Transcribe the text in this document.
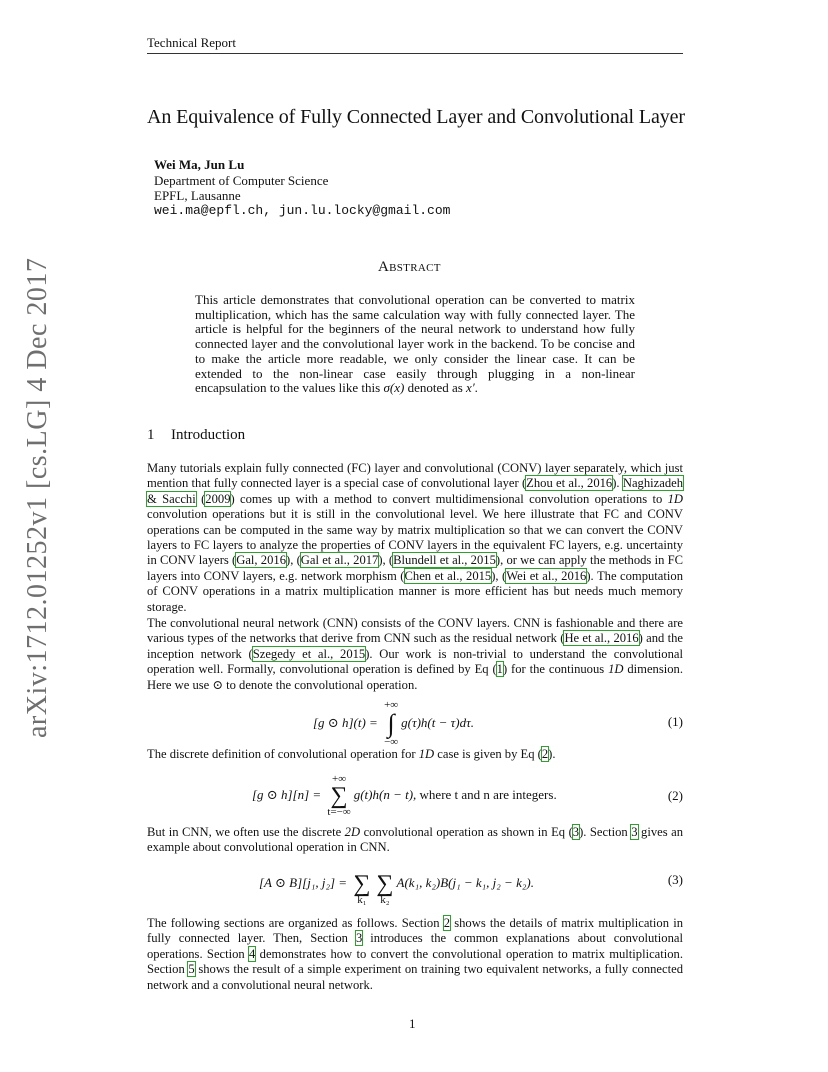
arXiv:1712.01252v1 [cs.LG] 4 Dec 2017
Technical Report
An Equivalence of Fully Connected Layer and Convolutional Layer
Wei Ma, Jun Lu
Department of Computer Science
EPFL, Lausanne
wei.ma@epfl.ch, jun.lu.locky@gmail.com
Abstract
This article demonstrates that convolutional operation can be converted to matrix multiplication, which has the same calculation way with fully connected layer. The article is helpful for the beginners of the neural network to understand how fully connected layer and the convolutional layer work in the backend. To be concise and to make the article more readable, we only consider the linear case. It can be extended to the non-linear case easily through plugging in a non-linear encapsulation to the values like this σ(x) denoted as x′.
1 Introduction
Many tutorials explain fully connected (FC) layer and convolutional (CONV) layer separately, which just mention that fully connected layer is a special case of convolutional layer (Zhou et al., 2016). Naghizadeh & Sacchi (2009) comes up with a method to convert multidimensional convolution operations to 1D convolution operations but it is still in the convolutional level. We here illustrate that FC and CONV operations can be computed in the same way by matrix multiplication so that we can convert the CONV layers to FC layers to analyze the properties of CONV layers in the equivalent FC layers, e.g. uncertainty in CONV layers (Gal, 2016), (Gal et al., 2017), (Blundell et al., 2015), or we can apply the methods in FC layers into CONV layers, e.g. network morphism (Chen et al., 2015), (Wei et al., 2016). The computation of CONV operations in a matrix multiplication manner is more efficient has but needs much memory storage.
The convolutional neural network (CNN) consists of the CONV layers. CNN is fashionable and there are various types of the networks that derive from CNN such as the residual network (He et al., 2016) and the inception network (Szegedy et al., 2015). Our work is non-trivial to understand the convolutional operation well. Formally, convolutional operation is defined by Eq (1) for the continuous 1D dimension. Here we use ⊙ to denote the convolutional operation.
[g ⊙ h](t) =
+∞
∫
−∞
g(τ)h(t − τ)dτ.	(1)
The discrete definition of convolutional operation for 1D case is given by Eq (2).
[g ⊙ h][n] =
+∞
∑
t=−∞
g(t)h(n − t), where t and n are integers.	(2)
But in CNN, we often use the discrete 2D convolutional operation as shown in Eq (3). Section 3 gives an example about convolutional operation in CNN.
[A ⊙ B][j₁, j₂] =
∑
k₁

∑
k₂
A(k₁, k₂)B(j₁ − k₁, j₂ − k₂).	(3)
The following sections are organized as follows. Section 2 shows the details of matrix multiplication in fully connected layer. Then, Section 3 introduces the common explanations about convolutional operations. Section 4 demonstrates how to convert the convolutional operation to matrix multiplication. Section 5 shows the result of a simple experiment on training two equivalent networks, a fully connected network and a convolutional neural network.
1
